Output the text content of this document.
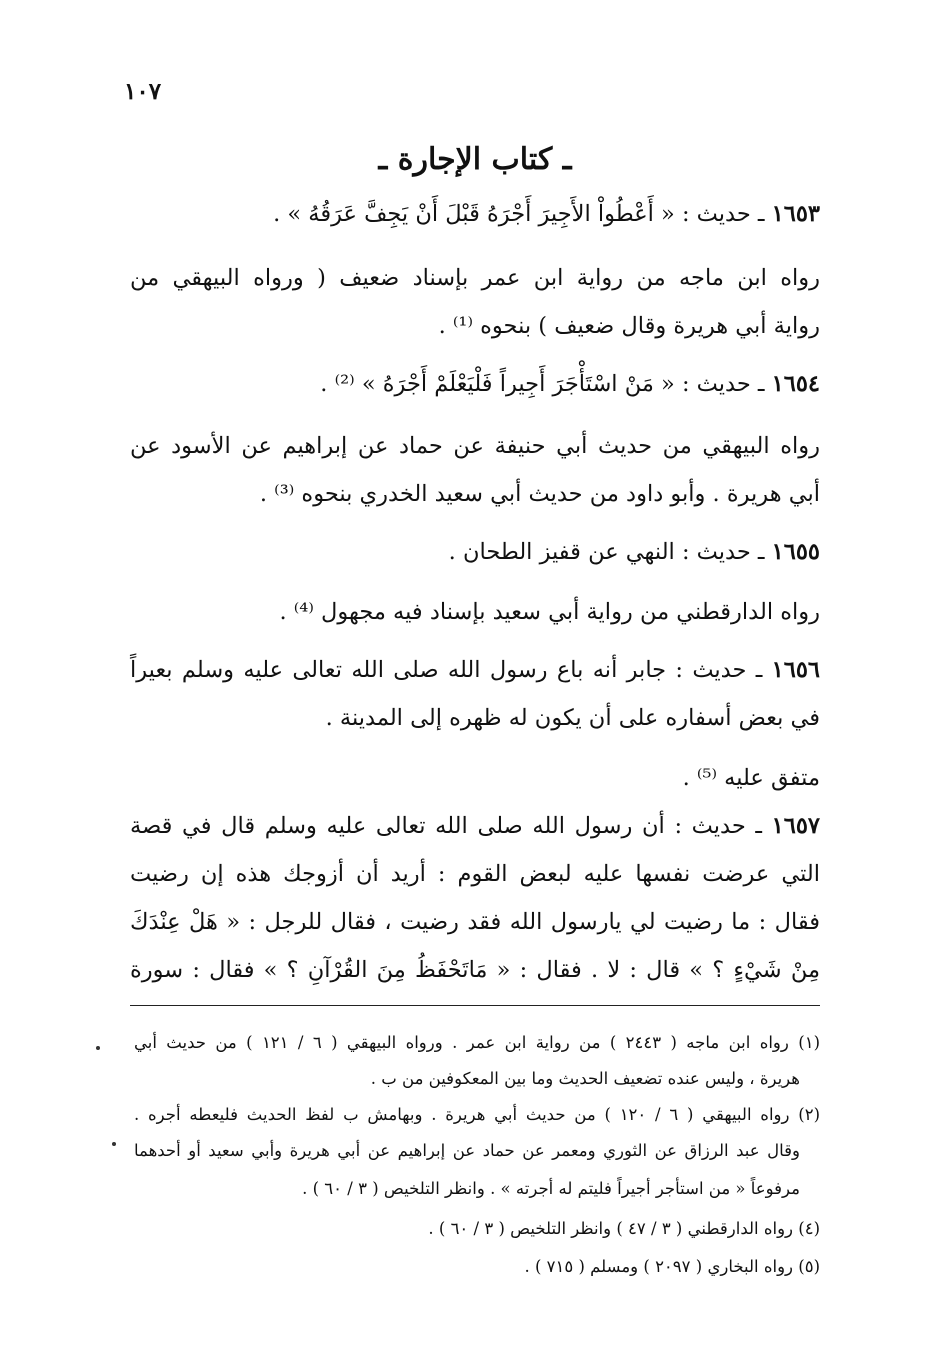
١٠٧
ـ كتاب الإجارة ـ
١٦٥٣ ـ حديث : « أَعْطُواْ الأَجِيرَ أَجْرَهُ قَبْلَ أَنْ يَجِفَّ عَرَقُهُ » .
رواه ابن ماجه من رواية ابن عمر بإسناد ضعيف ( ورواه البيهقي من
رواية أبي هريرة وقال ضعيف ) بنحوه ⁽¹⁾ .
١٦٥٤ ـ حديث : « مَنْ اسْتَأْجَرَ أَجِيراً فَلْيَعْلَمْ أَجْرَهُ » ⁽²⁾ .
رواه البيهقي من حديث أبي حنيفة عن حماد عن إبراهيم عن الأسود عن
أبي هريرة . وأبو داود من حديث أبي سعيد الخدري بنحوه ⁽³⁾ .
١٦٥٥ ـ حديث : النهي عن قفيز الطحان .
رواه الدارقطني من رواية أبي سعيد بإسناد فيه مجهول ⁽⁴⁾ .
١٦٥٦ ـ حديث : جابر أنه باع رسول الله صلى الله تعالى عليه وسلم بعيراً
في بعض أسفاره على أن يكون له ظهره إلى المدينة .
متفق عليه ⁽⁵⁾ .
١٦٥٧ ـ حديث : أن رسول الله صلى الله تعالى عليه وسلم قال في قصة
التي عرضت نفسها عليه لبعض القوم : أريد أن أزوجك هذه إن رضيت
فقال : ما رضيت لي يارسول الله فقد رضيت ، فقال للرجل : « هَلْ عِنْدَكَ
مِنْ شَيْءٍ ؟ » قال : لا . فقال : « مَاتَحْفَظُ مِنَ القُرْآنِ ؟ » فقال : سورة
(١) رواه ابن ماجه ( ٢٤٤٣ ) من رواية ابن عمر . ورواه البيهقي ( ٦ / ١٢١ ) من حديث أبي
هريرة ، وليس عنده تضعيف الحديث وما بين المعكوفين من ب .
(٢) رواه البيهقي ( ٦ / ١٢٠ ) من حديث أبي هريرة . وبهامش ب لفظ الحديث فليعطه أجره .
وقال عبد الرزاق عن الثوري ومعمر عن حماد عن إبراهيم عن أبي هريرة وأبي سعيد أو أحدهما
مرفوعاً « من استأجر أجيراً فليتم له أجرته » . وانظر التلخيص ( ٣ / ٦٠ ) .
(٤) رواه الدارقطني ( ٣ / ٤٧ ) وانظر التلخيص ( ٣ / ٦٠ ) .
(٥) رواه البخاري ( ٢٠٩٧ ) ومسلم ( ٧١٥ ) .
